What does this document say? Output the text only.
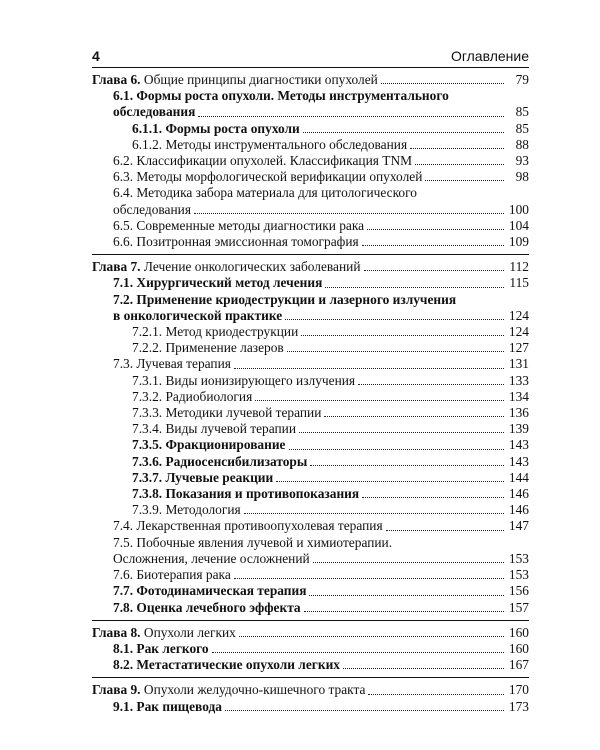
4	Оглавление
Глава 6. Общие принципы диагностики опухолей	79
6.1. Формы роста опухоли. Методы инструментального
обследования	85
6.1.1. Формы роста опухоли	85
6.1.2. Методы инструментального обследования	88
6.2. Классификации опухолей. Классификация TNM	93
6.3. Методы морфологической верификации опухолей	98
6.4. Методика забора материала для цитологического
обследования	100
6.5. Современные методы диагностики рака	104
6.6. Позитронная эмиссионная томография	109
Глава 7. Лечение онкологических заболеваний	112
7.1. Хирургический метод лечения	115
7.2. Применение криодеструкции и лазерного излучения
в онкологической практике	124
7.2.1. Метод криодеструкции	124
7.2.2. Применение лазеров	127
7.3. Лучевая терапия	131
7.3.1. Виды ионизирующего излучения	133
7.3.2. Радиобиология	134
7.3.3. Методики лучевой терапии	136
7.3.4. Виды лучевой терапии	139
7.3.5. Фракционирование	143
7.3.6. Радиосенсибилизаторы	143
7.3.7. Лучевые реакции	144
7.3.8. Показания и противопоказания	146
7.3.9. Методология	146
7.4. Лекарственная противоопухолевая терапия	147
7.5. Побочные явления лучевой и химиотерапии.
Осложнения, лечение осложнений	153
7.6. Биотерапия рака	153
7.7. Фотодинамическая терапия	156
7.8. Оценка лечебного эффекта	157
Глава 8. Опухоли легких	160
8.1. Рак легкого	160
8.2. Метастатические опухоли легких	167
Глава 9. Опухоли желудочно-кишечного тракта	170
9.1. Рак пищевода	173
